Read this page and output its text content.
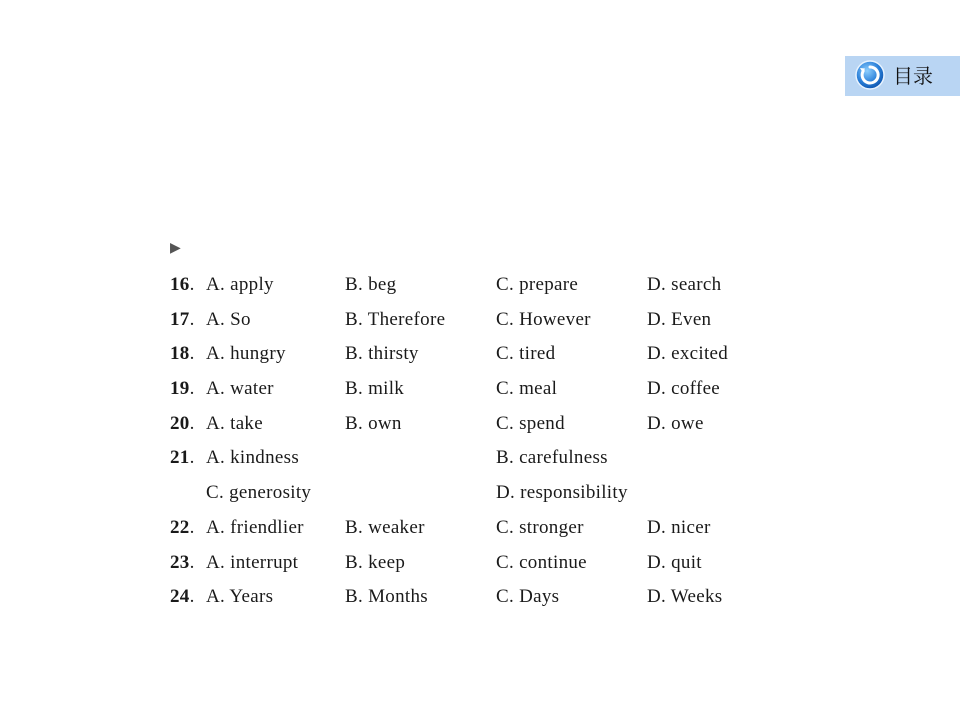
目录
▶
16. A. apply	B. beg	C. prepare	D. search
17. A. So	B. Therefore	C. However	D. Even
18. A. hungry	B. thirsty	C. tired	D. excited
19. A. water	B. milk	C. meal	D. coffee
20. A. take	B. own	C. spend	D. owe
21. A. kindness	B. carefulness
C. generosity	D. responsibility
22. A. friendlier B. weaker	C. stronger	D. nicer
23. A. interrupt B. keep	C. continue	D. quit
24. A. Years	B. Months	C. Days	D. Weeks
